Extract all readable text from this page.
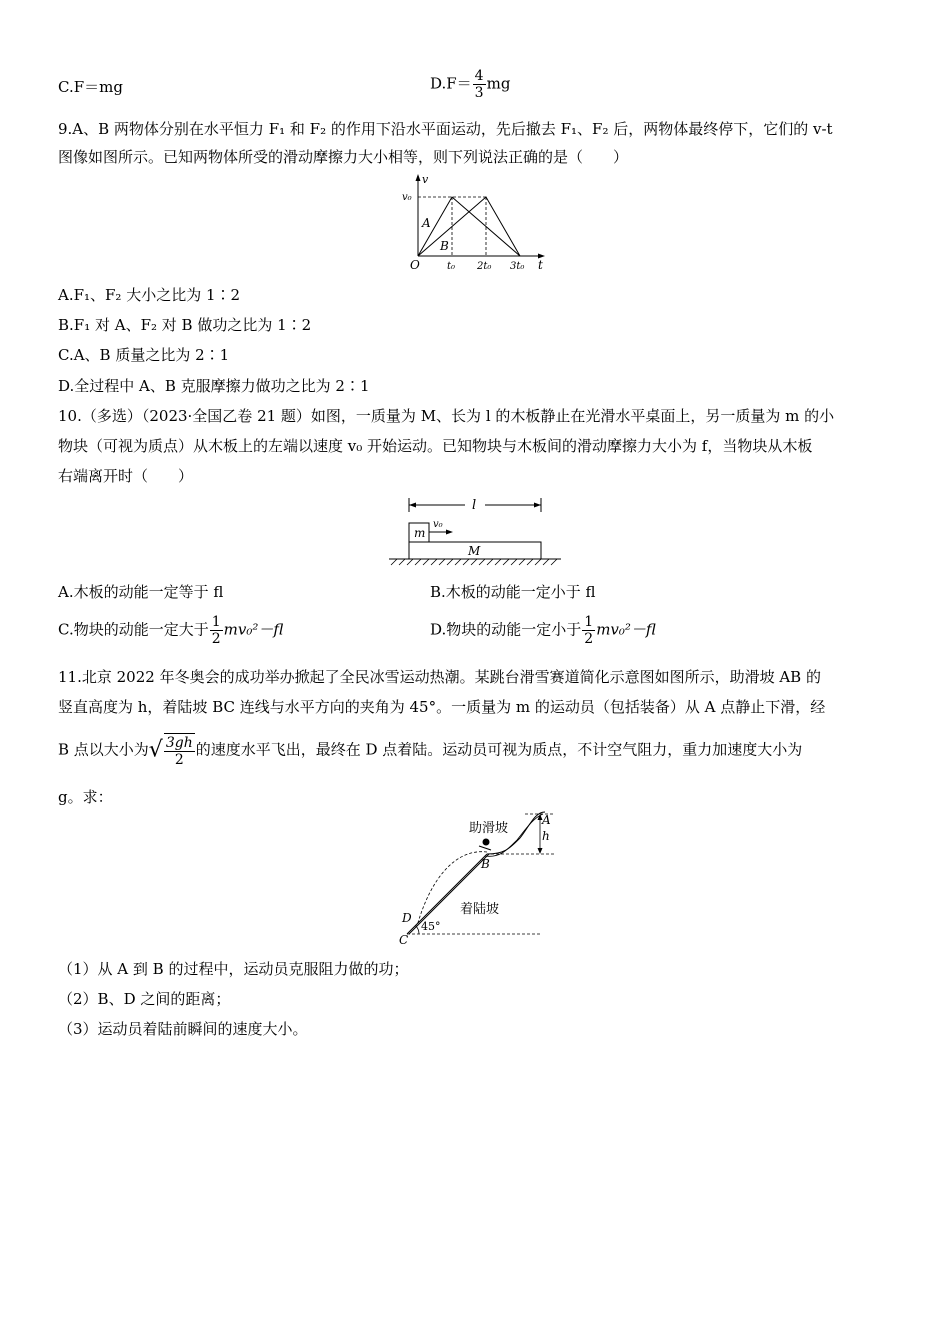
C.F＝mg	$D.F= \frac{4}{3}$ mg
9.A、B 两物体分别在水平恒力 F₁ 和 F₂ 的作用下沿水平面运动，先后撤去 F₁、F₂ 后，两物体最终停下，它们的 v-t
图像如图所示。已知两物体所受的滑动摩擦力大小相等，则下列说法正确的是（　　）
v
v₀
A
B
O	t₀ 2t₀ 3t₀ t
A.F₁、F₂ 大小之比为 1∶2
B.F₁ 对 A、F₂ 对 B 做功之比为 1∶2
C.A、B 质量之比为 2∶1
D.全过程中 A、B 克服摩擦力做功之比为 2∶1
10.（多选）（2023·全国乙卷 21 题）如图，一质量为 M、长为 l 的木板静止在光滑水平桌面上，另一质量为 m 的小
物块（可视为质点）从木板上的左端以速度 v₀ 开始运动。已知物块与木板间的滑动摩擦力大小为 f，当物块从木板
右端离开时（　　）
l
m
v₀
M
A.木板的动能一定等于 fl	B.木板的动能一定小于 fl
C.物块的动能一定大于 $\frac{1}{2} mv_0^2-fl$	D.物块的动能一定小于 $\frac{1}{2} mv_0^2-fl$
11.北京 2022 年冬奥会的成功举办掀起了全民冰雪运动热潮。某跳台滑雪赛道简化示意图如图所示，助滑坡 AB 的
竖直高度为 h，着陆坡 BC 连线与水平方向的夹角为 45°。一质量为 m 的运动员（包括装备）从 A 点静止下滑，经
B 点以大小为√ $\frac{3gh}{2}$ 的速度水平飞出，最终在 D 点着陆。运动员可视为质点，不计空气阻力，重力加速度大小为
g。求：
助滑坡
着陆坡
A
h
B
D
C
45°
（1）从 A 到 B 的过程中，运动员克服阻力做的功；
（2）B、D 之间的距离；
（3）运动员着陆前瞬间的速度大小。
